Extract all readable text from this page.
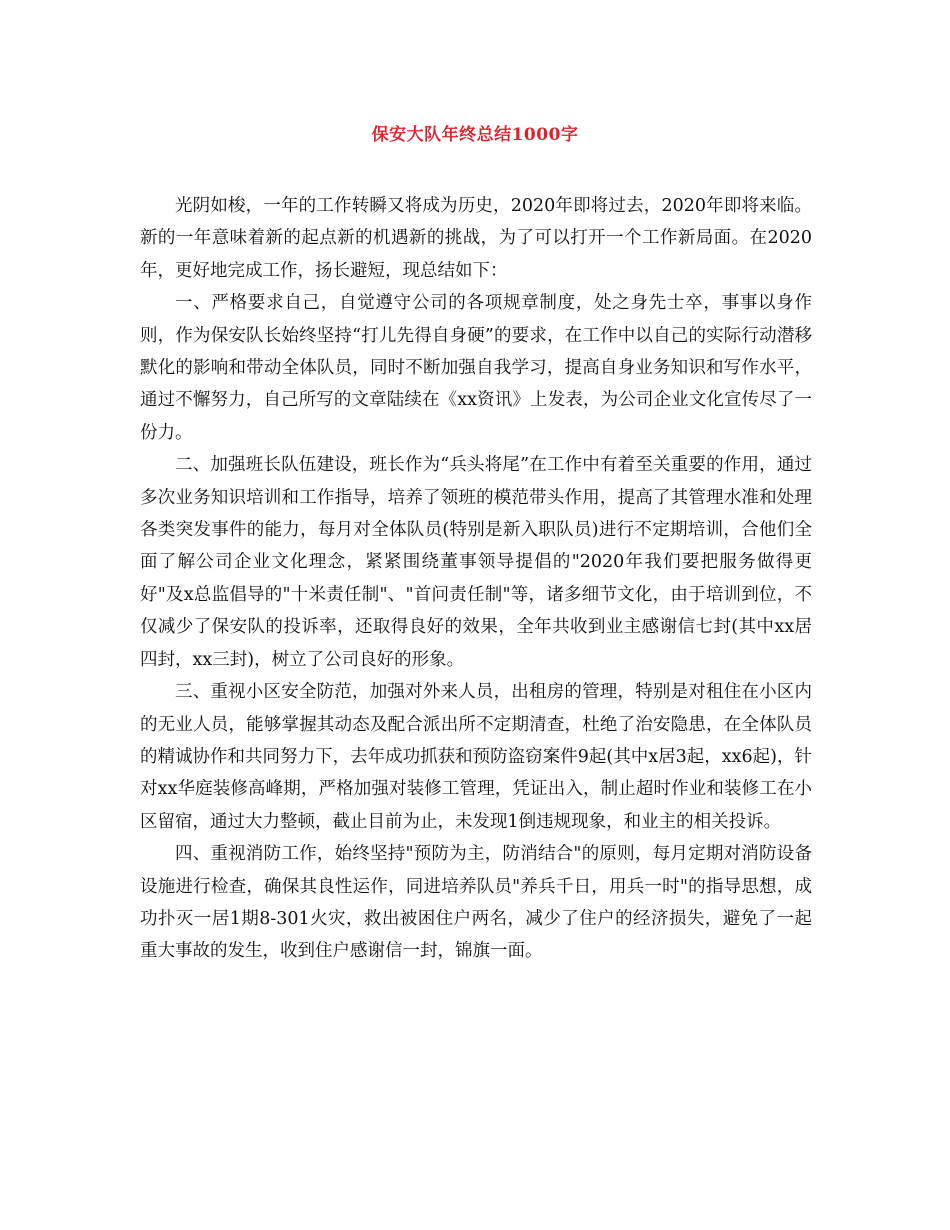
保安大队年终总结1000字

光阴如梭，一年的工作转瞬又将成为历史，2020年即将过去，2020年即将来临。新的一年意味着新的起点新的机遇新的挑战，为了可以打开一个工作新局面。在2020年，更好地完成工作，扬长避短，现总结如下：

一、严格要求自己，自觉遵守公司的各项规章制度，处之身先士卒，事事以身作则，作为保安队长始终坚持“打儿先得自身硬”的要求，在工作中以自己的实际行动潜移默化的影响和带动全体队员，同时不断加强自我学习，提高自身业务知识和写作水平，通过不懈努力，自己所写的文章陆续在《xx资讯》上发表，为公司企业文化宣传尽了一份力。

二、加强班长队伍建设，班长作为“兵头将尾”在工作中有着至关重要的作用，通过多次业务知识培训和工作指导，培养了领班的模范带头作用，提高了其管理水准和处理各类突发事件的能力，每月对全体队员(特别是新入职队员)进行不定期培训，合他们全面了解公司企业文化理念，紧紧围绕董事领导提倡的"2020年我们要把服务做得更好"及x总监倡导的"十米责任制"、"首问责任制"等，诸多细节文化，由于培训到位，不仅减少了保安队的投诉率，还取得良好的效果，全年共收到业主感谢信七封(其中xx居四封，xx三封)，树立了公司良好的形象。

三、重视小区安全防范，加强对外来人员，出租房的管理，特别是对租住在小区内的无业人员，能够掌握其动态及配合派出所不定期清查，杜绝了治安隐患，在全体队员的精诚协作和共同努力下，去年成功抓获和预防盗窃案件9起(其中x居3起，xx6起)，针对xx华庭装修高峰期，严格加强对装修工管理，凭证出入，制止超时作业和装修工在小区留宿，通过大力整顿，截止目前为止，未发现1倒违规现象，和业主的相关投诉。

四、重视消防工作，始终坚持"预防为主，防消结合"的原则，每月定期对消防设备设施进行检查，确保其良性运作，同进培养队员"养兵千日，用兵一时"的指导思想，成功扑灭一居1期8-301火灾，救出被困住户两名，减少了住户的经济损失，避免了一起重大事故的发生，收到住户感谢信一封，锦旗一面。
